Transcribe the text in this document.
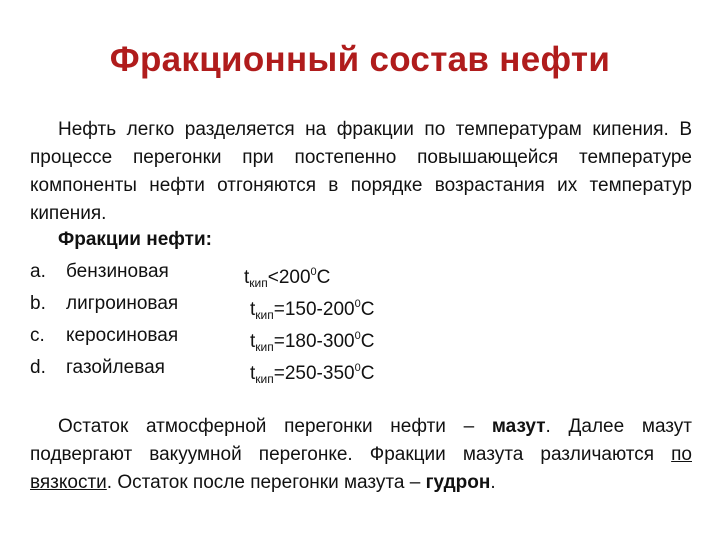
Фракционный состав нефти
Нефть легко разделяется на фракции по температурам кипения. В процессе перегонки при постепенно повышающейся температуре компоненты нефти отгоняются в порядке возрастания их температур кипения.
Фракции нефти:
a. бензиновая	$t_{кип}<200^0C$
b. лигроиновая	$t_{кип}=150-200^0C$
c. керосиновая	$t_{кип}=180-300^0C$
d. газойлевая	$t_{кип}=250-350^0C$
Остаток атмосферной перегонки нефти – мазут. Далее мазут подвергают вакуумной перегонке. Фракции мазута различаются по вязкости. Остаток после перегонки мазута – гудрон.
